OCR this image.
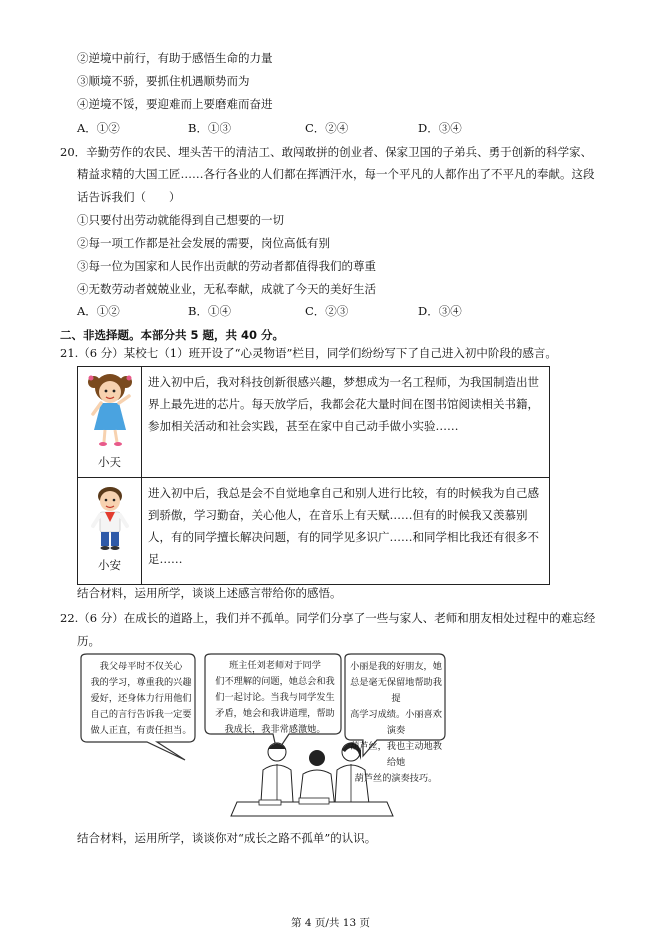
②逆境中前行，有助于感悟生命的力量
③顺境不骄，要抓住机遇顺势而为
④逆境不馁，要迎难而上要磨难而奋进
A．①②	B．①③	C．②④	D．③④
20．辛勤劳作的农民、埋头苦干的清洁工、敢闯敢拼的创业者、保家卫国的子弟兵、勇于创新的科学家、
精益求精的大国工匠……各行各业的人们都在挥洒汗水，每一个平凡的人都作出了不平凡的奉献。这段
话告诉我们（　　）
①只要付出劳动就能得到自己想要的一切
②每一项工作都是社会发展的需要，岗位高低有别
③每一位为国家和人民作出贡献的劳动者都值得我们的尊重
④无数劳动者兢兢业业，无私奉献，成就了今天的美好生活
A．①②	B．①④	C．②③	D．③④
二、非选择题。本部分共 5 题，共 40 分。
21.（6 分）某校七（1）班开设了“心灵物语”栏目，同学们纷纷写下了自己进入初中阶段的感言。
小天	进入初中后，我对科技创新很感兴趣，梦想成为一名工程师，为我国制造出世
界上最先进的芯片。每天放学后，我都会花大量时间在图书馆阅读相关书籍，
参加相关活动和社会实践，甚至在家中自己动手做小实验……

小安	进入初中后，我总是会不自觉地拿自己和别人进行比较，有的时候我为自己感
到骄傲，学习勤奋，关心他人，在音乐上有天赋……但有的时候我又羡慕别
人，有的同学擅长解决问题，有的同学见多识广……和同学相比我还有很多不
足……
结合材料，运用所学，谈谈上述感言带给你的感悟。
22.（6 分）在成长的道路上，我们并不孤单。同学们分享了一些与家人、老师和朋友相处过程中的难忘经
历。
我父母平时不仅关心
我的学习，尊重我的兴趣
爱好，还身体力行用他们
自己的言行告诉我一定要
做人正直，有责任担当。
班主任刘老师对于同学
们不理解的问题，她总会和我
们一起讨论。当我与同学发生
矛盾，她会和我讲道理，帮助
我成长，我非常感激她。
小丽是我的好朋友，她
总是毫无保留地帮助我提
高学习成绩。小丽喜欢演奏
葫芦丝，我也主动地教给她
葫芦丝的演奏技巧。
结合材料，运用所学，谈谈你对“成长之路不孤单”的认识。
第 4 页/共 13 页
